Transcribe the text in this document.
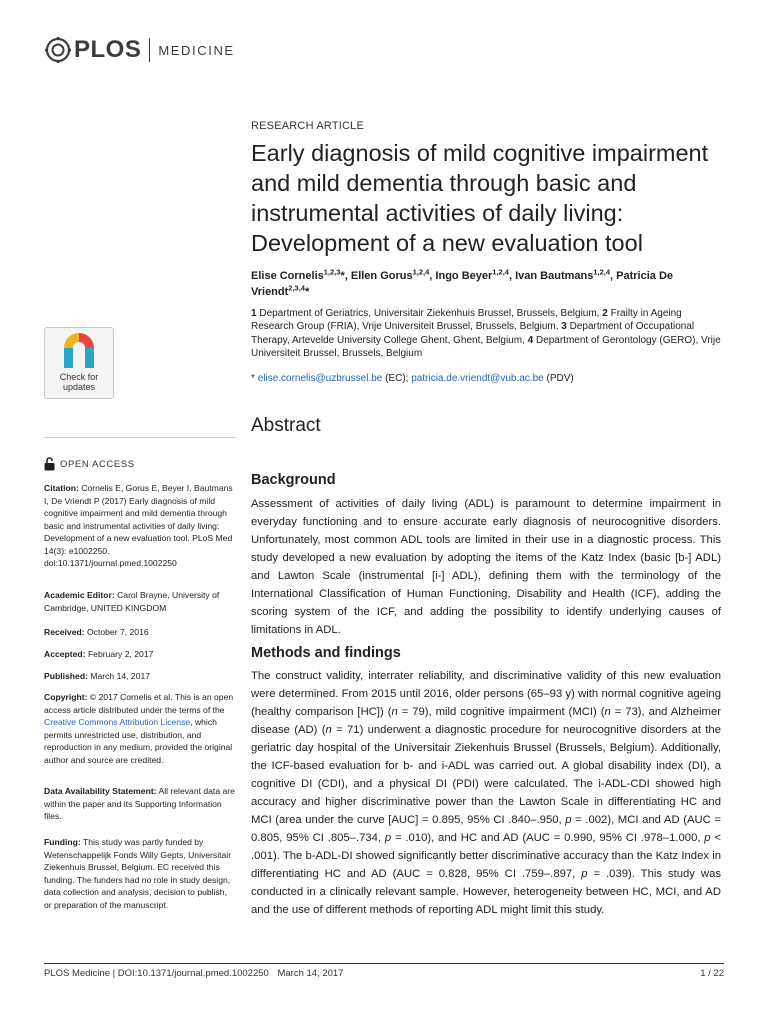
PLOS MEDICINE
RESEARCH ARTICLE
Early diagnosis of mild cognitive impairment and mild dementia through basic and instrumental activities of daily living: Development of a new evaluation tool
Elise Cornelis$^{1,2,3}$*, Ellen Gorus$^{1,2,4}$, Ingo Beyer$^{1,2,4}$, Ivan Bautmans$^{1,2,4}$, Patricia De Vriendt$^{2,3,4}$*
1 Department of Geriatrics, Universitair Ziekenhuis Brussel, Brussels, Belgium, 2 Frailty in Ageing Research Group (FRIA), Vrije Universiteit Brussel, Brussels, Belgium, 3 Department of Occupational Therapy, Artevelde University College Ghent, Ghent, Belgium, 4 Department of Gerontology (GERO), Vrije Universiteit Brussel, Brussels, Belgium
* elise.cornelis@uzbrussel.be (EC); patricia.de.vriendt@vub.ac.be (PDV)
Abstract
Background
Assessment of activities of daily living (ADL) is paramount to determine impairment in everyday functioning and to ensure accurate early diagnosis of neurocognitive disorders. Unfortunately, most common ADL tools are limited in their use in a diagnostic process. This study developed a new evaluation by adopting the items of the Katz Index (basic [b-] ADL) and Lawton Scale (instrumental [i-] ADL), defining them with the terminology of the International Classification of Human Functioning, Disability and Health (ICF), adding the scoring system of the ICF, and adding the possibility to identify underlying causes of limitations in ADL.
Methods and findings
The construct validity, interrater reliability, and discriminative validity of this new evaluation were determined. From 2015 until 2016, older persons (65–93 y) with normal cognitive ageing (healthy comparison [HC]) (n = 79), mild cognitive impairment (MCI) (n = 73), and Alzheimer disease (AD) (n = 71) underwent a diagnostic procedure for neurocognitive disorders at the geriatric day hospital of the Universitair Ziekenhuis Brussel (Brussels, Belgium). Additionally, the ICF-based evaluation for b- and i-ADL was carried out. A global disability index (DI), a cognitive DI (CDI), and a physical DI (PDI) were calculated. The i-ADL-CDI showed high accuracy and higher discriminative power than the Lawton Scale in differentiating HC and MCI (area under the curve [AUC] = 0.895, 95% CI .840–.950, p = .002), MCI and AD (AUC = 0.805, 95% CI .805–.734, p = .010), and HC and AD (AUC = 0.990, 95% CI .978–1.000, p < .001). The b-ADL-DI showed significantly better discriminative accuracy than the Katz Index in differentiating HC and AD (AUC = 0.828, 95% CI .759–.897, p = .039). This study was conducted in a clinically relevant sample. However, heterogeneity between HC, MCI, and AD and the use of different methods of reporting ADL might limit this study.
Check for
updates
OPEN ACCESS
Citation: Cornelis E, Gorus E, Beyer I, Bautmans I, De Vriendt P (2017) Early diagnosis of mild cognitive impairment and mild dementia through basic and instrumental activities of daily living: Development of a new evaluation tool. PLoS Med 14(3): e1002250. doi:10.1371/journal.pmed.1002250
Academic Editor: Carol Brayne, University of Cambridge, UNITED KINGDOM
Received: October 7, 2016
Accepted: February 2, 2017
Published: March 14, 2017
Copyright: © 2017 Cornelis et al. This is an open access article distributed under the terms of the Creative Commons Attribution License, which permits unrestricted use, distribution, and reproduction in any medium, provided the original author and source are credited.
Data Availability Statement: All relevant data are within the paper and its Supporting Information files.
Funding: This study was partly funded by Wetenschappelijk Fonds Willy Gepts, Universitair Ziekenhuis Brussel, Belgium. EC received this funding. The funders had no role in study design, data collection and analysis, decision to publish, or preparation of the manuscript.
PLOS Medicine | DOI:10.1371/journal.pmed.1002250 March 14, 2017	1 / 22
